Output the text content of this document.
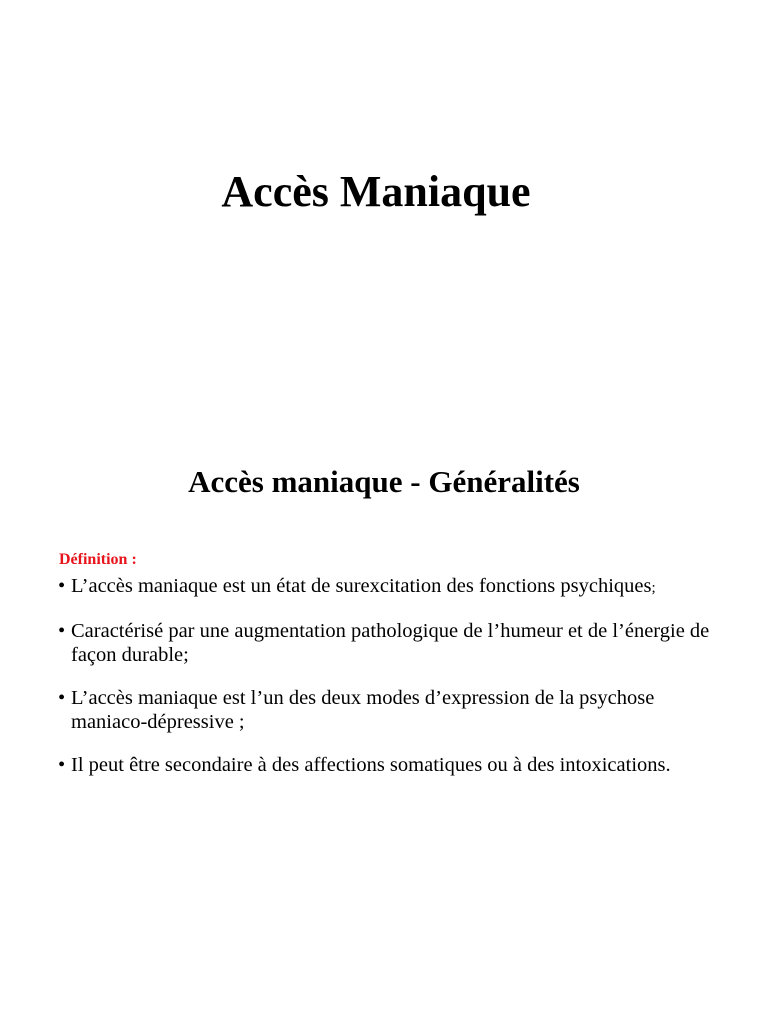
Accès Maniaque
Accès maniaque - Généralités

Définition :

• L’accès maniaque est un état de surexcitation des fonctions psychiques;
• Caractérisé par une augmentation pathologique de l’humeur et de l’énergie de façon durable;
• L’accès maniaque est l’un des deux modes d’expression de la psychose maniaco-dépressive ;
• Il peut être secondaire à des affections somatiques ou à des intoxications.
